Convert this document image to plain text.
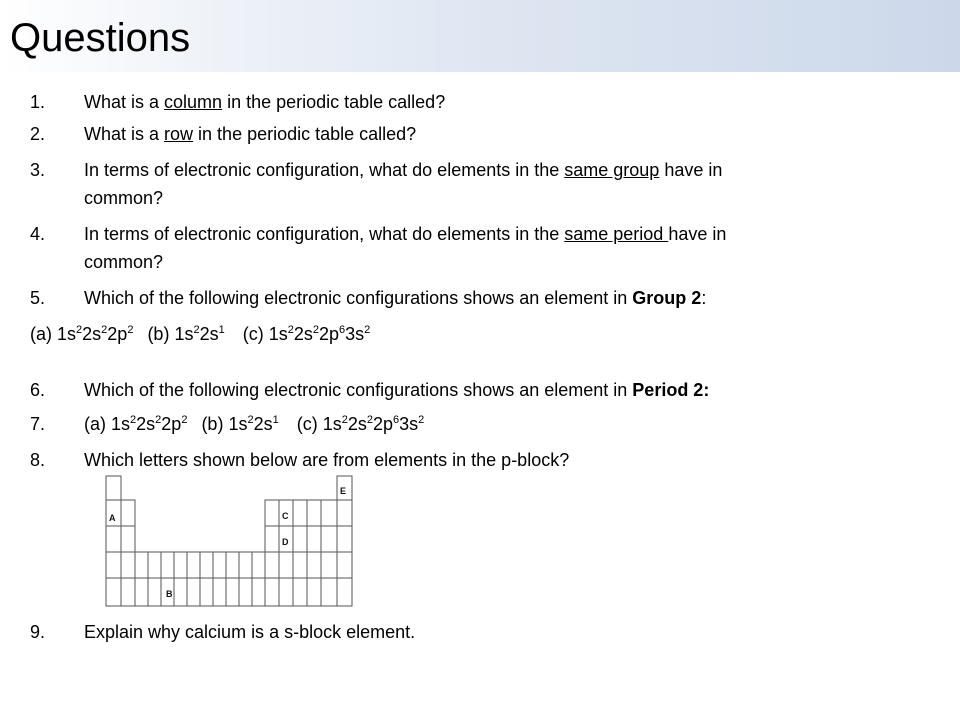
Questions
1. What is a column in the periodic table called?
2. What is a row in the periodic table called?
3. In terms of electronic configuration, what do elements in the same group have in
common?
4. In terms of electronic configuration, what do elements in the same period have in
common?
5. Which of the following electronic configurations shows an element in Group 2:
(a) $1s^22s^22p^2$ (b) $1s^22s^1$ (c) $1s^22s^22p^63s^2$
6. Which of the following electronic configurations shows an element in Period 2:
7. (a) $1s^22s^22p^2$ (b) $1s^22s^1$ (c) $1s^22s^22p^63s^2$
8. Which letters shown below are from elements in the p-block?
A
B
C
D
E
9. Explain why calcium is a s-block element.
